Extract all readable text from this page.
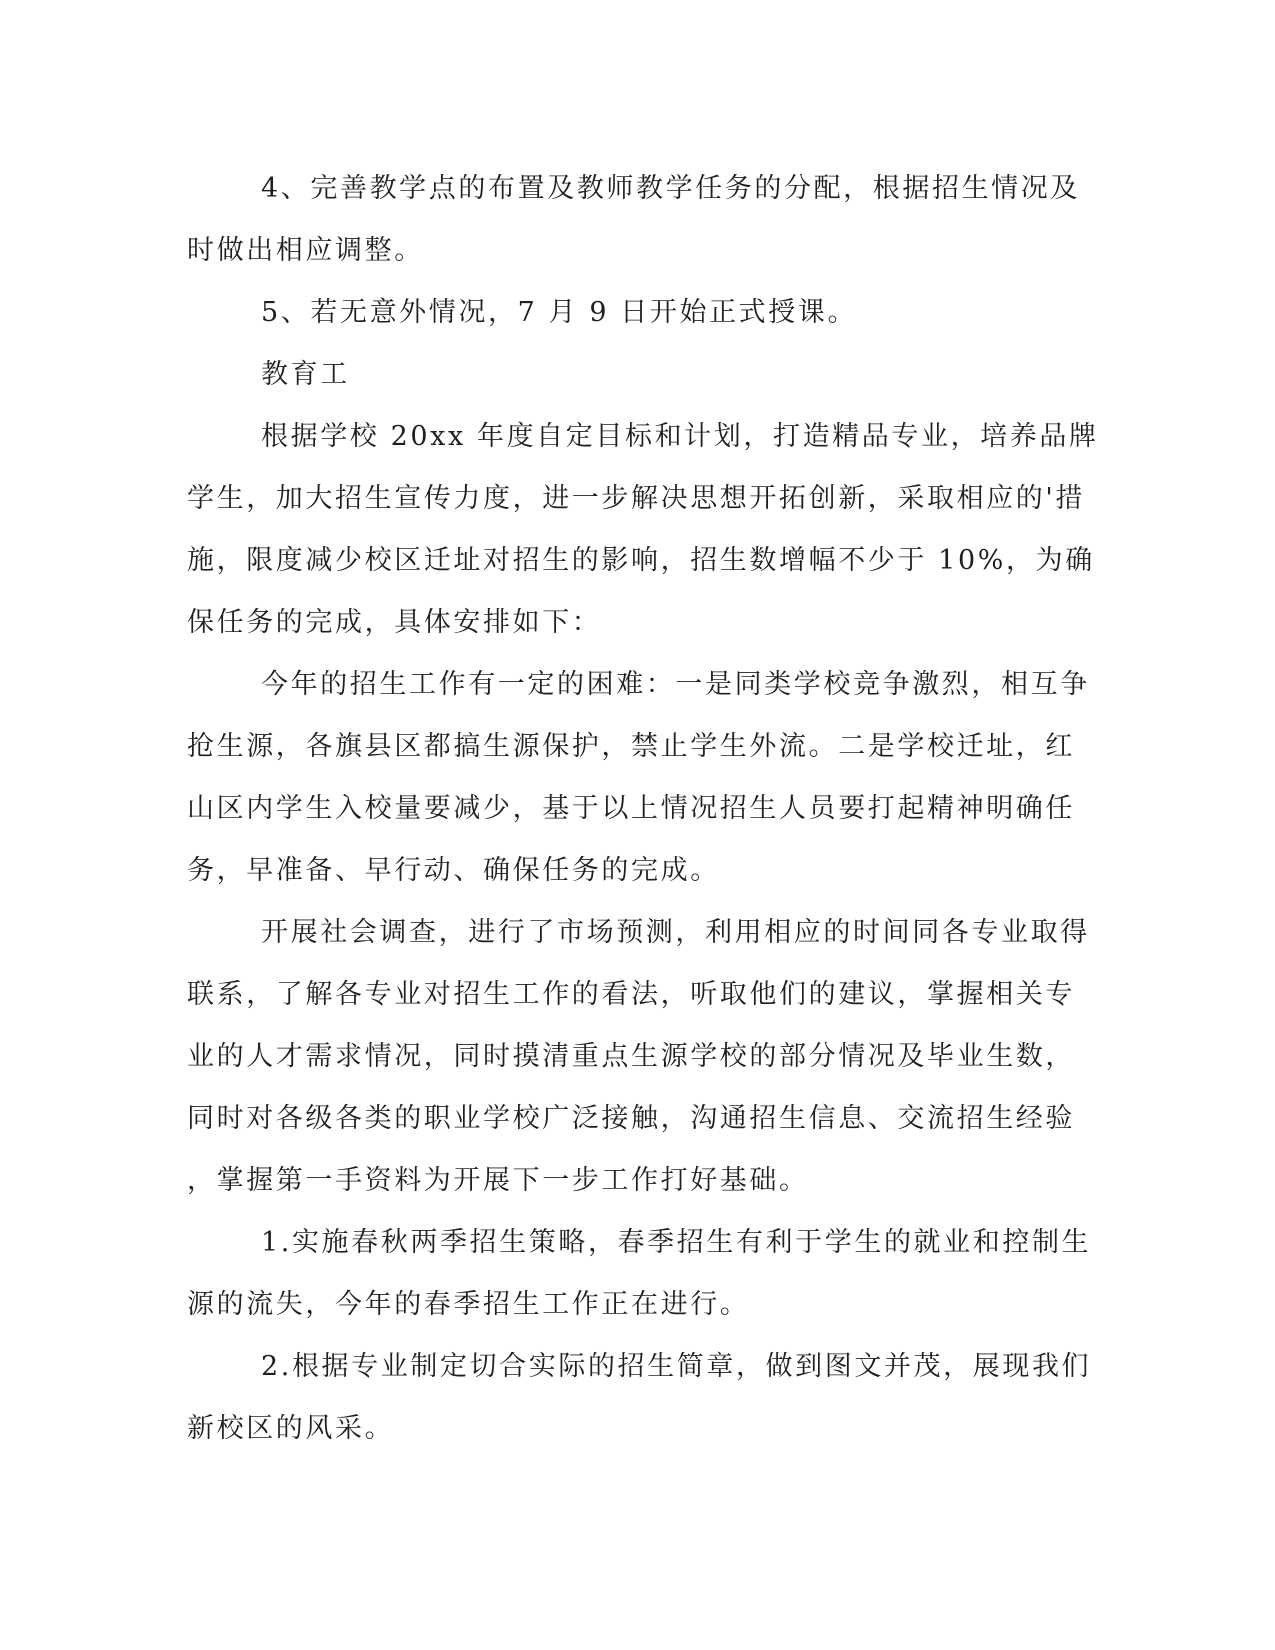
4、完善教学点的布置及教师教学任务的分配，根据招生情况及
时做出相应调整。
5、若无意外情况，7 月 9 日开始正式授课。
教育工
根据学校 20xx 年度自定目标和计划，打造精品专业，培养品牌
学生，加大招生宣传力度，进一步解决思想开拓创新，采取相应的'措
施，限度减少校区迁址对招生的影响，招生数增幅不少于 10%，为确
保任务的完成，具体安排如下：
今年的招生工作有一定的困难：一是同类学校竞争激烈，相互争
抢生源，各旗县区都搞生源保护，禁止学生外流。二是学校迁址，红
山区内学生入校量要减少，基于以上情况招生人员要打起精神明确任
务，早准备、早行动、确保任务的完成。
开展社会调查，进行了市场预测，利用相应的时间同各专业取得
联系，了解各专业对招生工作的看法，听取他们的建议，掌握相关专
业的人才需求情况，同时摸清重点生源学校的部分情况及毕业生数，
同时对各级各类的职业学校广泛接触，沟通招生信息、交流招生经验
，掌握第一手资料为开展下一步工作打好基础。
1.实施春秋两季招生策略，春季招生有利于学生的就业和控制生
源的流失，今年的春季招生工作正在进行。
2.根据专业制定切合实际的招生简章，做到图文并茂，展现我们
新校区的风采。
